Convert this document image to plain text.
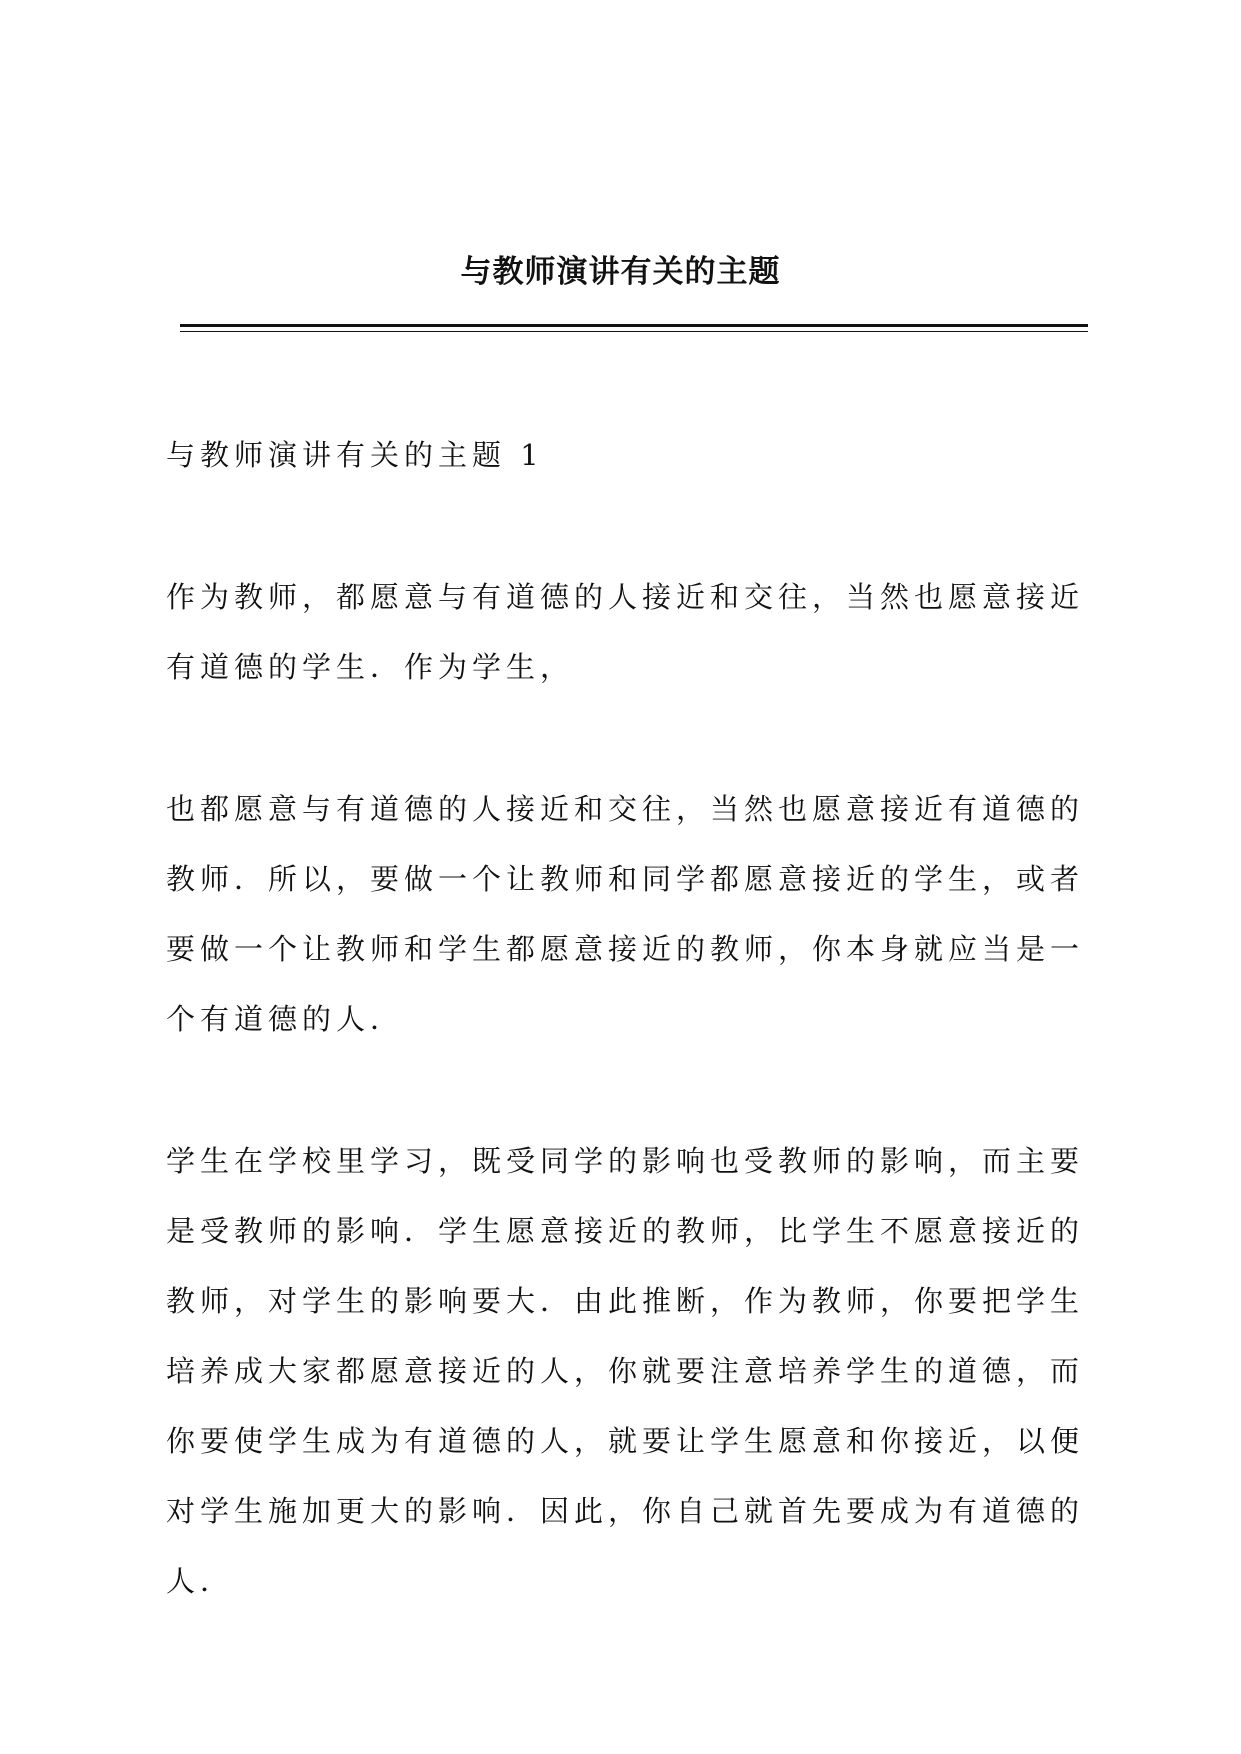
与教师演讲有关的主题

与教师演讲有关的主题 1

作为教师，都愿意与有道德的人接近和交往，当然也愿意接近有道德的学生．作为学生，

也都愿意与有道德的人接近和交往，当然也愿意接近有道德的教师．所以，要做一个让教师和同学都愿意接近的学生，或者要做一个让教师和学生都愿意接近的教师，你本身就应当是一个有道德的人．

学生在学校里学习，既受同学的影响也受教师的影响，而主要是受教师的影响．学生愿意接近的教师，比学生不愿意接近的教师，对学生的影响要大．由此推断，作为教师，你要把学生培养成大家都愿意接近的人，你就要注意培养学生的道德，而你要使学生成为有道德的人，就要让学生愿意和你接近，以便对学生施加更大的影响．因此，你自己就首先要成为有道德的人．
